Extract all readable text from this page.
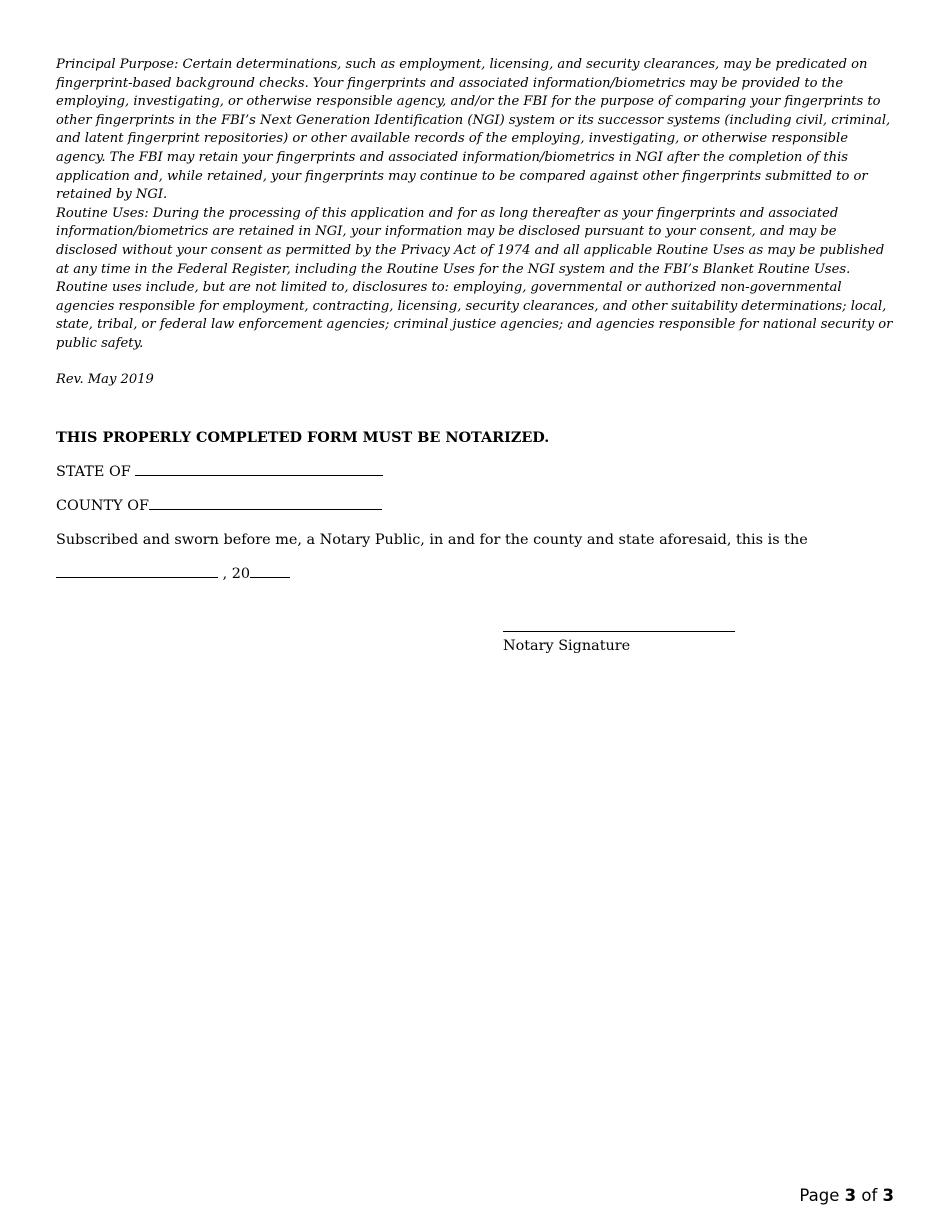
Principal Purpose: Certain determinations, such as employment, licensing, and security clearances, may be predicated on fingerprint-based background checks. Your fingerprints and associated information/biometrics may be provided to the employing, investigating, or otherwise responsible agency, and/or the FBI for the purpose of comparing your fingerprints to other fingerprints in the FBI’s Next Generation Identification (NGI) system or its successor systems (including civil, criminal, and latent fingerprint repositories) or other available records of the employing, investigating, or otherwise responsible agency. The FBI may retain your fingerprints and associated information/biometrics in NGI after the completion of this application and, while retained, your fingerprints may continue to be compared against other fingerprints submitted to or retained by NGI.

Routine Uses: During the processing of this application and for as long thereafter as your fingerprints and associated information/biometrics are retained in NGI, your information may be disclosed pursuant to your consent, and may be disclosed without your consent as permitted by the Privacy Act of 1974 and all applicable Routine Uses as may be published at any time in the Federal Register, including the Routine Uses for the NGI system and the FBI’s Blanket Routine Uses. Routine uses include, but are not limited to, disclosures to: employing, governmental or authorized non-governmental agencies responsible for employment, contracting, licensing, security clearances, and other suitability determinations; local, state, tribal, or federal law enforcement agencies; criminal justice agencies; and agencies responsible for national security or public safety.

Rev. May 2019

THIS PROPERLY COMPLETED FORM MUST BE NOTARIZED.

STATE OF

COUNTY OF

Subscribed and sworn before me, a Notary Public, in and for the county and state aforesaid, this is the

, 20

Notary Signature
Page 3 of 3
